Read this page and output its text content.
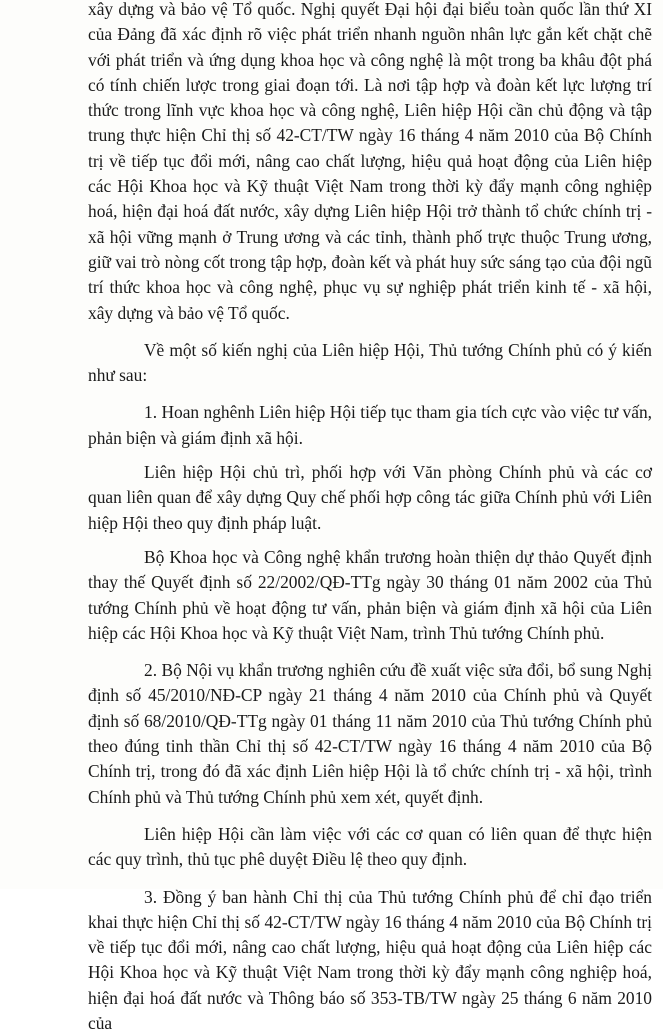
xây dựng và bảo vệ Tổ quốc. Nghị quyết Đại hội đại biểu toàn quốc lần thứ XI của Đảng đã xác định rõ việc phát triển nhanh nguồn nhân lực gắn kết chặt chẽ với phát triển và ứng dụng khoa học và công nghệ là một trong ba khâu đột phá có tính chiến lược trong giai đoạn tới. Là nơi tập hợp và đoàn kết lực lượng trí thức trong lĩnh vực khoa học và công nghệ, Liên hiệp Hội cần chủ động và tập trung thực hiện Chỉ thị số 42-CT/TW ngày 16 tháng 4 năm 2010 của Bộ Chính trị về tiếp tục đổi mới, nâng cao chất lượng, hiệu quả hoạt động của Liên hiệp các Hội Khoa học và Kỹ thuật Việt Nam trong thời kỳ đẩy mạnh công nghiệp hoá, hiện đại hoá đất nước, xây dựng Liên hiệp Hội trở thành tổ chức chính trị - xã hội vững mạnh ở Trung ương và các tỉnh, thành phố trực thuộc Trung ương, giữ vai trò nòng cốt trong tập hợp, đoàn kết và phát huy sức sáng tạo của đội ngũ trí thức khoa học và công nghệ, phục vụ sự nghiệp phát triển kinh tế - xã hội, xây dựng và bảo vệ Tổ quốc.

Về một số kiến nghị của Liên hiệp Hội, Thủ tướng Chính phủ có ý kiến như sau:

1. Hoan nghênh Liên hiệp Hội tiếp tục tham gia tích cực vào việc tư vấn, phản biện và giám định xã hội.

Liên hiệp Hội chủ trì, phối hợp với Văn phòng Chính phủ và các cơ quan liên quan để xây dựng Quy chế phối hợp công tác giữa Chính phủ với Liên hiệp Hội theo quy định pháp luật.

Bộ Khoa học và Công nghệ khẩn trương hoàn thiện dự thảo Quyết định thay thế Quyết định số 22/2002/QĐ-TTg ngày 30 tháng 01 năm 2002 của Thủ tướng Chính phủ về hoạt động tư vấn, phản biện và giám định xã hội của Liên hiệp các Hội Khoa học và Kỹ thuật Việt Nam, trình Thủ tướng Chính phủ.

2. Bộ Nội vụ khẩn trương nghiên cứu đề xuất việc sửa đổi, bổ sung Nghị định số 45/2010/NĐ-CP ngày 21 tháng 4 năm 2010 của Chính phủ và Quyết định số 68/2010/QĐ-TTg ngày 01 tháng 11 năm 2010 của Thủ tướng Chính phủ theo đúng tinh thần Chỉ thị số 42-CT/TW ngày 16 tháng 4 năm 2010 của Bộ Chính trị, trong đó đã xác định Liên hiệp Hội là tổ chức chính trị - xã hội, trình Chính phủ và Thủ tướng Chính phủ xem xét, quyết định.

Liên hiệp Hội cần làm việc với các cơ quan có liên quan để thực hiện các quy trình, thủ tục phê duyệt Điều lệ theo quy định.

3. Đồng ý ban hành Chỉ thị của Thủ tướng Chính phủ để chỉ đạo triển khai thực hiện Chỉ thị số 42-CT/TW ngày 16 tháng 4 năm 2010 của Bộ Chính trị về tiếp tục đổi mới, nâng cao chất lượng, hiệu quả hoạt động của Liên hiệp các Hội Khoa học và Kỹ thuật Việt Nam trong thời kỳ đẩy mạnh công nghiệp hoá, hiện đại hoá đất nước và Thông báo số 353-TB/TW ngày 25 tháng 6 năm 2010 của
